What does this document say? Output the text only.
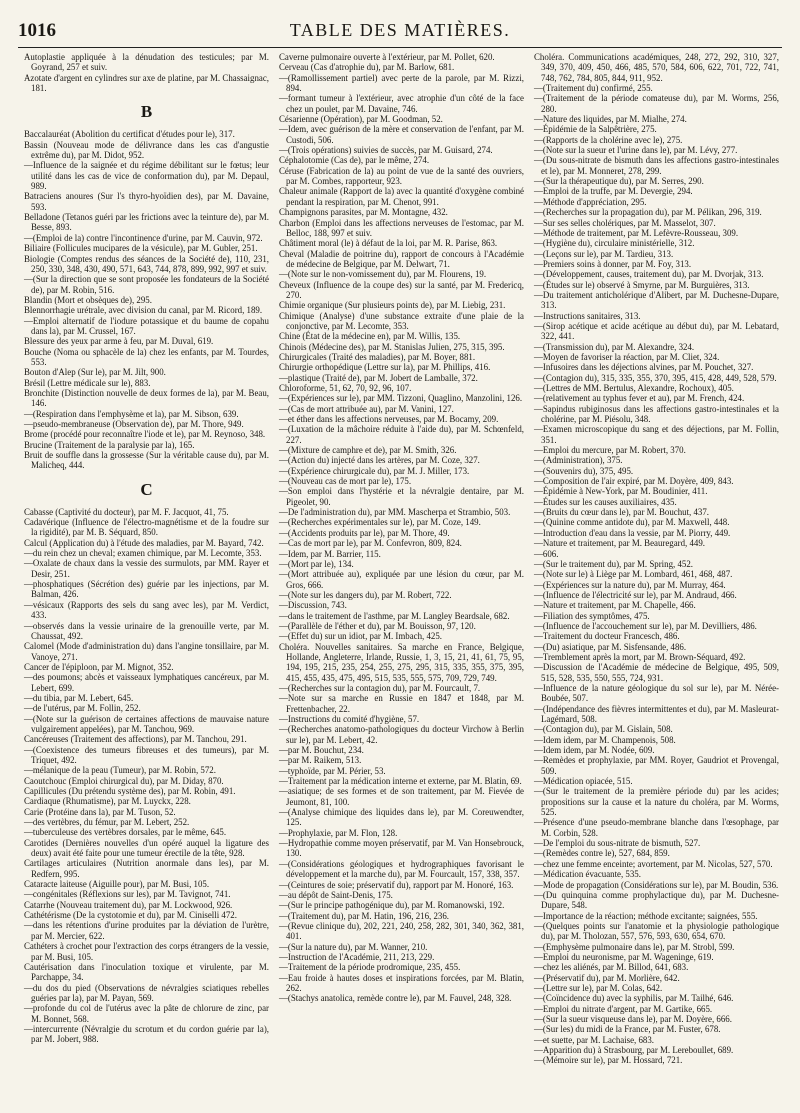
1016	TABLE DES MATIÈRES.
Autoplastie appliquée à la dénudation des testicules; par M. Goyrand, 257 et suiv.
Azotate d'argent en cylindres sur axe de platine, par M. Chassaignac, 181.
B
Baccalauréat (Abolition du certificat d'études pour le), 317.
Bassin (Nouveau mode de délivrance dans les cas d'angustie extrême du), par M. Didot, 952.
—Influence de la saignée et du régime débilitant sur le fœtus; leur utilité dans les cas de vice de conformation du), par M. Depaul, 989.
Batraciens anoures (Sur l's thyro-hyoïdien des), par M. Davaine, 593.
Belladone (Tetanos guéri par les frictions avec la teinture de), par M. Besse, 893.
—(Emploi de la) contre l'incontinence d'urine, par M. Cauvin, 972.
Biliaire (Follicules mucipares de la vésicule), par M. Gubler, 251.
Biologie (Comptes rendus des séances de la Société de), 110, 231, 250, 330, 348, 430, 490, 571, 643, 744, 878, 899, 992, 997 et suiv.
—(Sur la direction que se sont proposée les fondateurs de la Société de), par M. Robin, 516.
Blandin (Mort et obsèques de), 295.
Blennorrhagie urétrale, avec division du canal, par M. Ricord, 189.
—Emploi alternatif de l'iodure potassique et du baume de copahu dans la), par M. Crussel, 167.
Blessure des yeux par arme à feu, par M. Duval, 619.
Bouche (Noma ou sphacèle de la) chez les enfants, par M. Tourdes, 553.
Bouton d'Alep (Sur le), par M. Jilt, 900.
Brésil (Lettre médicale sur le), 883.
Bronchite (Distinction nouvelle de deux formes de la), par M. Beau, 146.
—(Respiration dans l'emphysème et la), par M. Sibson, 639.
—pseudo-membraneuse (Observation de), par M. Thore, 949.
Brome (procédé pour reconnaître l'iode et le), par M. Reynoso, 348.
Brucine (Traitement de la paralysie par la), 165.
Bruit de souffle dans la grossesse (Sur la véritable cause du), par M. Malicheq, 444.
C
Cabasse (Captivité du docteur), par M. F. Jacquot, 41, 75.
Cadavérique (Influence de l'électro-magnétisme et de la foudre sur la rigidité), par M. B. Séquard, 850.
Calcul (Application du) à l'étude des maladies, par M. Bayard, 742.
—du rein chez un cheval; examen chimique, par M. Lecomte, 353.
—Oxalate de chaux dans la vessie des surmulots, par MM. Rayer et Desir, 251.
—phosphatiques (Sécrétion des) guérie par les injections, par M. Balman, 426.
—vésicaux (Rapports des sels du sang avec les), par M. Verdict, 433.
—observés dans la vessie urinaire de la grenouille verte, par M. Chaussat, 492.
Calomel (Mode d'administration du) dans l'angine tonsillaire, par M. Vanoye, 271.
Cancer de l'épiploon, par M. Mignot, 352.
—des poumons; abcès et vaisseaux lymphatiques cancéreux, par M. Lebert, 699.
—du tibia, par M. Lebert, 645.
—de l'utérus, par M. Follin, 252.
—(Note sur la guérison de certaines affections de mauvaise nature vulgairement appelées), par M. Tanchou, 969.
Cancéreuses (Traitement des affections), par M. Tanchou, 291.
—(Coexistence des tumeurs fibreuses et des tumeurs), par M. Triquet, 492.
—mélanique de la peau (Tumeur), par M. Robin, 572.
Caoutchouc (Emploi chirurgical du), par M. Diday, 870.
Capillicules (Du prétendu système des), par M. Robin, 491.
Cardiaque (Rhumatisme), par M. Luyckx, 228.
Carie (Protéine dans la), par M. Tuson, 52.
—des vertèbres, du fémur, par M. Lebert, 252.
—tuberculeuse des vertèbres dorsales, par le même, 645.
Carotides (Dernières nouvelles d'un opéré auquel la ligature des deux) avait été faite pour une tumeur érectile de la tête, 928.
Cartilages articulaires (Nutrition anormale dans les), par M. Redfern, 995.
Cataracte laiteuse (Aiguille pour), par M. Busi, 105.
—congénitales (Réflexions sur les), par M. Tavignot, 741.
Catarrhe (Nouveau traitement du), par M. Lockwood, 926.
Cathétérisme (De la cystotomie et du), par M. Ciniselli 472.
—dans les rétentions d'urine produites par la déviation de l'urètre, par M. Mercier, 622.
Cathéters à crochet pour l'extraction des corps étrangers de la vessie, par M. Busi, 105.
Cautérisation dans l'inoculation toxique et virulente, par M. Parchappe, 34.
—du dos du pied (Observations de névralgies sciatiques rebelles guéries par la), par M. Payan, 569.
—profonde du col de l'utérus avec la pâte de chlorure de zinc, par M. Bonnet, 568.
—intercurrente (Névralgie du scrotum et du cordon guérie par la), par M. Jobert, 988.
Caverne pulmonaire ouverte à l'extérieur, par M. Pollet, 620.
Cerveau (Cas d'atrophie du), par M. Barlow, 681.
—(Ramollissement partiel) avec perte de la parole, par M. Rizzi, 894.
—formant tumeur à l'extérieur, avec atrophie d'un côté de la face chez un poulet, par M. Davaine, 746.
Césarienne (Opération), par M. Goodman, 52.
—Idem, avec guérison de la mère et conservation de l'enfant, par M. Custodi, 506.
—(Trois opérations) suivies de succès, par M. Guisard, 274.
Céphalotomie (Cas de), par le même, 274.
Céruse (Fabrication de la) au point de vue de la santé des ouvriers, par M. Combes, rapporteur, 923.
Chaleur animale (Rapport de la) avec la quantité d'oxygène combiné pendant la respiration, par M. Chenot, 991.
Champignons parasites, par M. Montagne, 432.
Charbon (Emploi dans les affections nerveuses de l'estomac, par M. Belloc, 188, 997 et suiv.
Châtiment moral (le) à défaut de la loi, par M. R. Parise, 863.
Cheval (Maladie de poitrine du), rapport de concours à l'Académie de médecine de Belgique, par M. Delwart, 71.
—(Note sur le non-vomissement du), par M. Flourens, 19.
Cheveux (Influence de la coupe des) sur la santé, par M. Fredericq, 270.
Chimie organique (Sur plusieurs points de), par M. Liebig, 231.
Chimique (Analyse) d'une substance extraite d'une plaie de la conjonctive, par M. Lecomte, 353.
Chine (État de la médecine en), par M. Willis, 135.
Chinois (Médecine des), par M. Stanislas Julien, 275, 315, 395.
Chirurgicales (Traité des maladies), par M. Boyer, 881.
Chirurgie orthopédique (Lettre sur la), par M. Phillips, 416.
—plastique (Traité de), par M. Jobert de Lamballe, 372.
Chloroforme, 51, 62, 70, 92, 96, 107.
—(Expériences sur le), par MM. Tizzoni, Quaglino, Manzolini, 126.
—(Cas de mort attribuée au), par M. Vanini, 127.
—et éther dans les affections nerveuses, par M. Bocamy, 209.
—(Luxation de la mâchoire réduite à l'aide du), par M. Schœnfeld, 227.
—(Mixture de camphre et de), par M. Smith, 326.
—(Action du) injecté dans les artères, par M. Coze, 327.
—(Expérience chirurgicale du), par M. J. Miller, 173.
—(Nouveau cas de mort par le), 175.
—Son emploi dans l'hystérie et la névralgie dentaire, par M. Pigeolet, 90.
—De l'administration du), par MM. Mascherpa et Strambio, 503.
—(Recherches expérimentales sur le), par M. Coze, 149.
—(Accidents produits par le), par M. Thore, 49.
—Cas de mort par le), par M. Confevron, 809, 824.
—Idem, par M. Barrier, 115.
—(Mort par le), 134.
—(Mort attribuée au), expliquée par une lésion du cœur, par M. Gros, 666.
—(Note sur les dangers du), par M. Robert, 722.
—Discussion, 743.
—dans le traitement de l'asthme, par M. Langley Beardsale, 682.
—(Parallèle de l'éther et du), par M. Bouisson, 97, 120.
—(Effet du) sur un idiot, par M. Imbach, 425.
Choléra. Nouvelles sanitaires. Sa marche en France, Belgique, Hollande, Angleterre, Irlande, Russie, 1, 3, 15, 21, 41, 61, 75, 95, 194, 195, 215, 235, 254, 255, 275, 295, 315, 335, 355, 375, 395, 415, 455, 435, 475, 495, 515, 535, 555, 575, 709, 729, 749.
—(Recherches sur la contagion du), par M. Fourcault, 7.
—Note sur sa marche en Russie en 1847 et 1848, par M. Frettenbacher, 22.
—Instructions du comité d'hygiène, 57.
—(Recherches anatomo-pathologiques du docteur Virchow à Berlin sur le), par M. Lebert, 42.
—par M. Bouchut, 234.
—par M. Raikem, 513.
—typhoïde, par M. Périer, 53.
—Traitement par la médication interne et externe, par M. Blatin, 69.
—asiatique; de ses formes et de son traitement, par M. Fievée de Jeumont, 81, 100.
—(Analyse chimique des liquides dans le), par M. Coreuwendter, 125.
—Prophylaxie, par M. Flon, 128.
—Hydropathie comme moyen préservatif, par M. Van Honsebrouck, 130.
—(Considérations géologiques et hydrographiques favorisant le développement et la marche du), par M. Fourcault, 157, 338, 357.
—(Ceintures de soie; préservatif du), rapport par M. Honoré, 163.
—au dépôt de Saint-Denis, 175.
—(Sur le principe pathogénique du), par M. Romanowski, 192.
—(Traitement du), par M. Hatin, 196, 216, 236.
—(Revue clinique du), 202, 221, 240, 258, 282, 301, 340, 362, 381, 401.
—(Sur la nature du), par M. Wanner, 210.
—Instruction de l'Académie, 211, 213, 229.
—Traitement de la période prodromique, 235, 455.
—Eau froide à hautes doses et inspirations forcées, par M. Blatin, 262.
—(Stachys anatolica, remède contre le), par M. Fauvel, 248, 328.
Choléra. Communications académiques, 248, 272, 292, 310, 327, 349, 370, 409, 450, 466, 485, 570, 584, 606, 622, 701, 722, 741, 748, 762, 784, 805, 844, 911, 952.
—(Traitement du) confirmé, 255.
—(Traitement de la période comateuse du), par M. Worms, 256, 280.
—Nature des liquides, par M. Mialhe, 274.
—Épidémie de la Salpêtrière, 275.
—(Rapports de la cholérine avec le), 275.
—(Note sur la sueur et l'urine dans le), par M. Lévy, 277.
—(Du sous-nitrate de bismuth dans les affections gastro-intestinales et le), par M. Monneret, 278, 299.
—(Sur la thérapeutique du), par M. Serres, 290.
—Emploi de la truffe, par M. Devergie, 294.
—Méthode d'appréciation, 295.
—(Recherches sur la propagation du), par M. Pélikan, 296, 319.
—Sur ses selles cholériques, par M. Masselot, 307.
—Méthode de traitement, par M. Lefèvre-Rousseau, 309.
—(Hygiène du), circulaire ministérielle, 312.
—(Leçons sur le), par M. Tardieu, 313.
—Premiers soins à donner, par M. Foy, 313.
—(Développement, causes, traitement du), par M. Dvorjak, 313.
—(Études sur le) observé à Smyrne, par M. Burguières, 313.
—Du traitement anticholérique d'Alibert, par M. Duchesne-Dupare, 313.
—Instructions sanitaires, 313.
—(Sirop acétique et acide acétique au début du), par M. Lebatard, 322, 441.
—(Transmission du), par M. Alexandre, 324.
—Moyen de favoriser la réaction, par M. Cliet, 324.
—Infusoires dans les déjections alvines, par M. Pouchet, 327.
—(Contagion du), 315, 335, 355, 370, 395, 415, 428, 449, 528, 579.
—(Lettres de MM. Bertulus, Alexandre, Rochoux), 405.
—(relativement au typhus fever et au), par M. French, 424.
—Sapindus rubiginosus dans les affections gastro-intestinales et la cholérine, par M. Piésolu, 348.
—Examen microscopique du sang et des déjections, par M. Follin, 351.
—Emploi du mercure, par M. Robert, 370.
—(Administration), 375.
—(Souvenirs du), 375, 495.
—Composition de l'air expiré, par M. Doyère, 409, 843.
—Épidémie à New-York, par M. Boudinier, 411.
—Études sur les causes auxiliaires, 435.
—(Bruits du cœur dans le), par M. Bouchut, 437.
—(Quinine comme antidote du), par M. Maxwell, 448.
—Introduction d'eau dans la vessie, par M. Piorry, 449.
—Nature et traitement, par M. Beauregard, 449.
—606.
—(Sur le traitement du), par M. Spring, 452.
—(Note sur le) à Liège par M. Lombard, 461, 468, 487.
—(Expériences sur la nature du), par M. Murray, 464.
—(Influence de l'électricité sur le), par M. Andraud, 466.
—Nature et traitement, par M. Chapelle, 466.
—Filiation des symptômes, 475.
—(Influence de l'accouchement sur le), par M. Devilliers, 486.
—Traitement du docteur Francesch, 486.
—(Du) asiatique, par M. Sisfensande, 486.
—Tremblement après la mort, par M. Brown-Séquard, 492.
—Discussion de l'Académie de médecine de Belgique, 495, 509, 515, 528, 535, 550, 555, 724, 931.
—Influence de la nature géologique du sol sur le), par M. Nérée-Boubée, 507.
—(Indépendance des fièvres intermittentes et du), par M. Masleurat-Lagémard, 508.
—(Contagion du), par M. Gislain, 508.
—Idem idem, par M. Champenois, 508.
—Idem idem, par M. Nodée, 609.
—Remèdes et prophylaxie, par MM. Royer, Gaudriot et Provengal, 509.
—Médication opiacée, 515.
—(Sur le traitement de la première période du) par les acides; propositions sur la cause et la nature du choléra, par M. Worms, 525.
—Présence d'une pseudo-membrane blanche dans l'œsophage, par M. Corbin, 528.
—De l'emploi du sous-nitrate de bismuth, 527.
—(Remèdes contre le), 527, 684, 859.
—chez une femme enceinte; avortement, par M. Nicolas, 527, 570.
—Médication évacuante, 535.
—Mode de propagation (Considérations sur le), par M. Boudin, 536.
—(Du quinquina comme prophylactique du), par M. Duchesne-Dupare, 548.
—Importance de la réaction; méthode excitante; saignées, 555.
—(Quelques points sur l'anatomie et la physiologie pathologique du), par M. Tholozan, 557, 576, 593, 630, 654, 670.
—(Emphysème pulmonaire dans le), par M. Strobl, 599.
—Emploi du neuronisme, par M. Wageninge, 619.
—chez les aliénés, par M. Billod, 641, 683.
—(Préservatif du), par M. Morlière, 642.
—(Lettre sur le), par M. Colas, 642.
—(Coïncidence du) avec la syphilis, par M. Tailhé, 646.
—Emploi du nitrate d'argent, par M. Gartike, 665.
—(Sur la sueur visqueuse dans le), par M. Doyère, 666.
—(Sur les) du midi de la France, par M. Fuster, 678.
—et suette, par M. Lachaise, 683.
—Apparition du) à Strasbourg, par M. Lereboullet, 689.
—(Mémoire sur le), par M. Hossard, 721.
